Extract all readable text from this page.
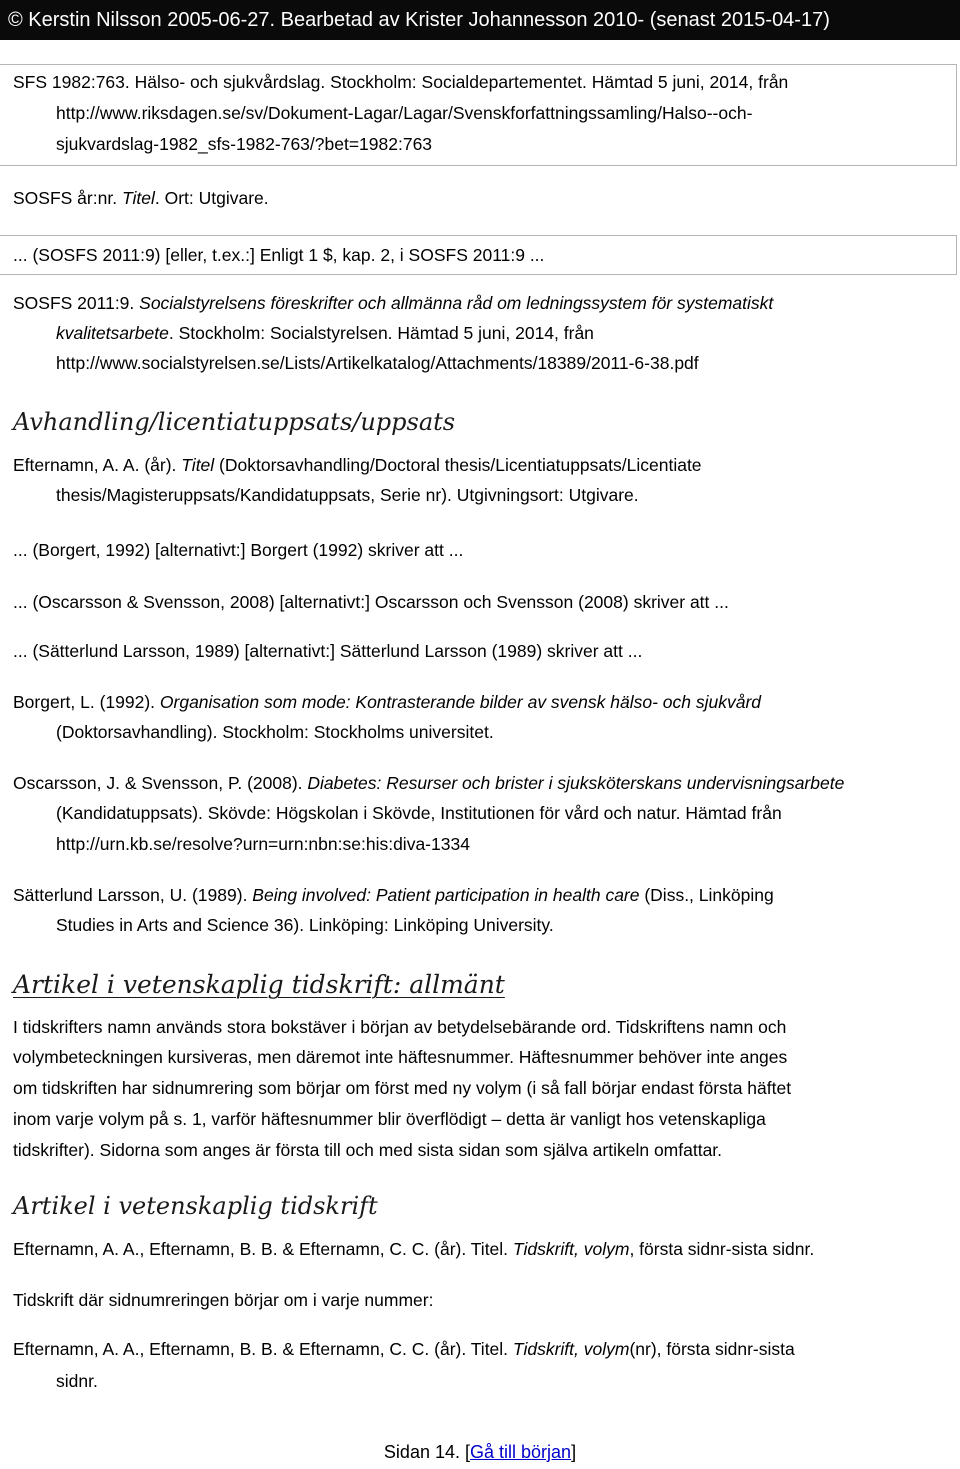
© Kerstin Nilsson 2005-06-27. Bearbetad av Krister Johannesson 2010- (senast 2015-04-17)
SFS 1982:763. Hälso- och sjukvårdslag. Stockholm: Socialdepartementet. Hämtad 5 juni, 2014, från
http://www.riksdagen.se/sv/Dokument-Lagar/Lagar/Svenskforfattningssamling/Halso--och-
sjukvardslag-1982_sfs-1982-763/?bet=1982:763
SOSFS år:nr. Titel. Ort: Utgivare.
... (SOSFS 2011:9) [eller, t.ex.:] Enligt 1 $, kap. 2, i SOSFS 2011:9 ...
SOSFS 2011:9. Socialstyrelsens föreskrifter och allmänna råd om ledningssystem för systematiskt
kvalitetsarbete. Stockholm: Socialstyrelsen. Hämtad 5 juni, 2014, från
http://www.socialstyrelsen.se/Lists/Artikelkatalog/Attachments/18389/2011-6-38.pdf
Avhandling/licentiatuppsats/uppsats
Efternamn, A. A. (år). Titel (Doktorsavhandling/Doctoral thesis/Licentiatuppsats/Licentiate
thesis/Magisteruppsats/Kandidatuppsats, Serie nr). Utgivningsort: Utgivare.
... (Borgert, 1992) [alternativt:] Borgert (1992) skriver att ...
... (Oscarsson & Svensson, 2008) [alternativt:] Oscarsson och Svensson (2008) skriver att ...
... (Sätterlund Larsson, 1989) [alternativt:] Sätterlund Larsson (1989) skriver att ...
Borgert, L. (1992). Organisation som mode: Kontrasterande bilder av svensk hälso- och sjukvård
(Doktorsavhandling). Stockholm: Stockholms universitet.
Oscarsson, J. & Svensson, P. (2008). Diabetes: Resurser och brister i sjuksköterskans undervisningsarbete
(Kandidatuppsats). Skövde: Högskolan i Skövde, Institutionen för vård och natur. Hämtad från
http://urn.kb.se/resolve?urn=urn:nbn:se:his:diva-1334
Sätterlund Larsson, U. (1989). Being involved: Patient participation in health care (Diss., Linköping
Studies in Arts and Science 36). Linköping: Linköping University.
Artikel i vetenskaplig tidskrift: allmänt
I tidskrifters namn används stora bokstäver i början av betydelsebärande ord. Tidskriftens namn och
volymbeteckningen kursiveras, men däremot inte häftesnummer. Häftesnummer behöver inte anges
om tidskriften har sidnumrering som börjar om först med ny volym (i så fall börjar endast första häftet
inom varje volym på s. 1, varför häftesnummer blir överflödigt – detta är vanligt hos vetenskapliga
tidskrifter). Sidorna som anges är första till och med sista sidan som själva artikeln omfattar.
Artikel i vetenskaplig tidskrift
Efternamn, A. A., Efternamn, B. B. & Efternamn, C. C. (år). Titel. Tidskrift, volym, första sidnr-sista sidnr.
Tidskrift där sidnumreringen börjar om i varje nummer:
Efternamn, A. A., Efternamn, B. B. & Efternamn, C. C. (år). Titel. Tidskrift, volym(nr), första sidnr-sista
sidnr.
Sidan 14. [Gå till början]
